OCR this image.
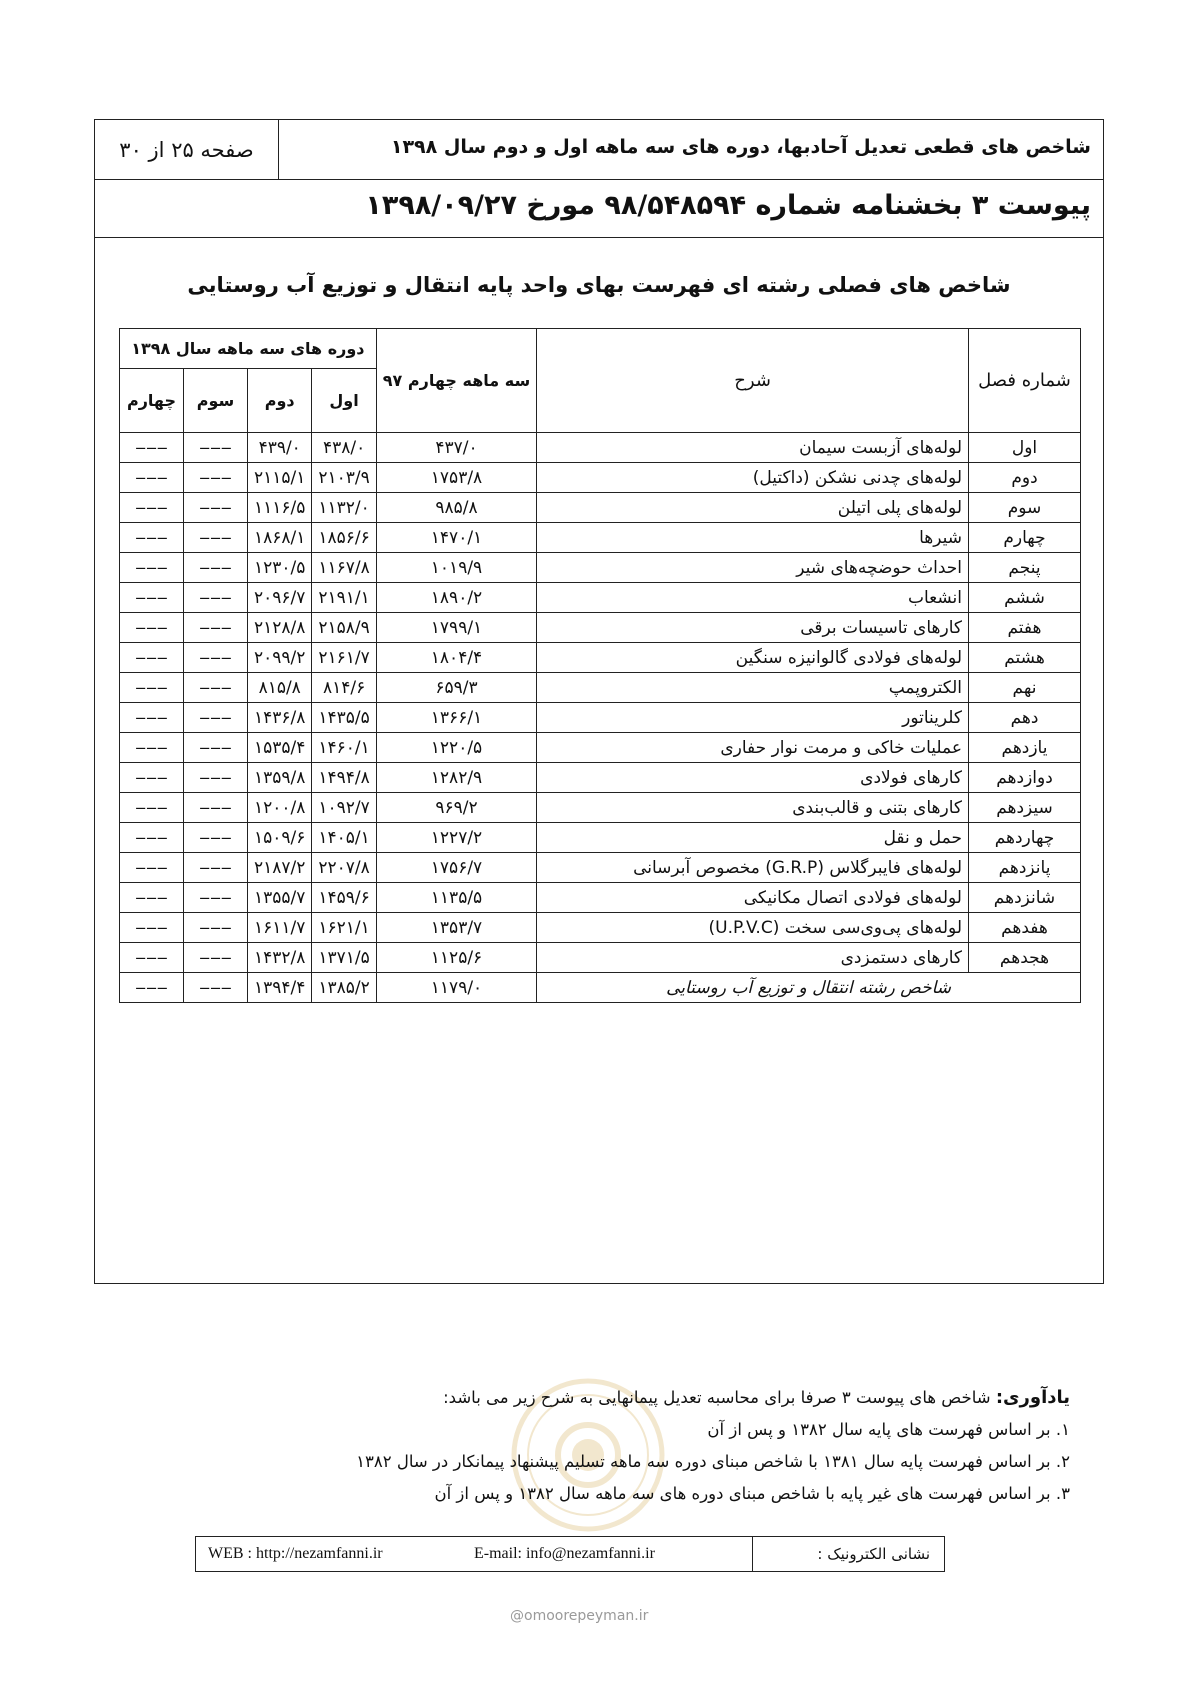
شاخص های قطعی تعدیل آحادبها، دوره های سه ماهه اول و دوم سال ۱۳۹۸
صفحه ۲۵ از ۳۰
پیوست ۳ بخشنامه شماره ۹۸/۵۴۸۵۹۴ مورخ ۱۳۹۸/۰۹/۲۷
شاخص های فصلی رشته ای فهرست بهای واحد پایه انتقال و توزیع آب روستایی
شماره فصل	شرح	سه ماهه چهارم ۹۷	دوره های سه ماهه سال ۱۳۹۸			
			اول	دوم	سوم	چهارم
اول	لوله‌های آزبست سیمان	۴۳۷/۰	۴۳۸/۰	۴۳۹/۰	‒‒‒	‒‒‒
دوم	لوله‌های چدنی نشکن (داکتیل)	۱۷۵۳/۸	۲۱۰۳/۹	۲۱۱۵/۱	‒‒‒	‒‒‒
سوم	لوله‌های پلی اتیلن	۹۸۵/۸	۱۱۳۲/۰	۱۱۱۶/۵	‒‒‒	‒‒‒
چهارم	شیرها	۱۴۷۰/۱	۱۸۵۶/۶	۱۸۶۸/۱	‒‒‒	‒‒‒
پنجم	احداث حوضچه‌های شیر	۱۰۱۹/۹	۱۱۶۷/۸	۱۲۳۰/۵	‒‒‒	‒‒‒
ششم	انشعاب	۱۸۹۰/۲	۲۱۹۱/۱	۲۰۹۶/۷	‒‒‒	‒‒‒
هفتم	کارهای تاسیسات برقی	۱۷۹۹/۱	۲۱۵۸/۹	۲۱۲۸/۸	‒‒‒	‒‒‒
هشتم	لوله‌های فولادی گالوانیزه سنگین	۱۸۰۴/۴	۲۱۶۱/۷	۲۰۹۹/۲	‒‒‒	‒‒‒
نهم	الکتروپمپ	۶۵۹/۳	۸۱۴/۶	۸۱۵/۸	‒‒‒	‒‒‒
دهم	کلریناتور	۱۳۶۶/۱	۱۴۳۵/۵	۱۴۳۶/۸	‒‒‒	‒‒‒
یازدهم	عملیات خاکی و مرمت نوار حفاری	۱۲۲۰/۵	۱۴۶۰/۱	۱۵۳۵/۴	‒‒‒	‒‒‒
دوازدهم	کارهای فولادی	۱۲۸۲/۹	۱۴۹۴/۸	۱۳۵۹/۸	‒‒‒	‒‒‒
سیزدهم	کارهای بتنی و قالب‌بندی	۹۶۹/۲	۱۰۹۲/۷	۱۲۰۰/۸	‒‒‒	‒‒‒
چهاردهم	حمل و نقل	۱۲۲۷/۲	۱۴۰۵/۱	۱۵۰۹/۶	‒‒‒	‒‒‒
پانزدهم	لوله‌های فایبرگلاس (G.R.P) مخصوص آبرسانی	۱۷۵۶/۷	۲۲۰۷/۸	۲۱۸۷/۲	‒‒‒	‒‒‒
شانزدهم	لوله‌های فولادی اتصال مکانیکی	۱۱۳۵/۵	۱۴۵۹/۶	۱۳۵۵/۷	‒‒‒	‒‒‒
هفدهم	لوله‌های پی‌وی‌سی سخت (U.P.V.C)	۱۳۵۳/۷	۱۶۲۱/۱	۱۶۱۱/۷	‒‒‒	‒‒‒
هجدهم	کارهای دستمزدی	۱۱۲۵/۶	۱۳۷۱/۵	۱۴۳۲/۸	‒‒‒	‒‒‒
شاخص رشته انتقال و توزیع آب روستایی		۱۱۷۹/۰	۱۳۸۵/۲	۱۳۹۴/۴	‒‒‒	‒‒‒
یادآوری: شاخص های پیوست ۳ صرفا برای محاسبه تعدیل پیمانهایی به شرح زیر می باشد:
۱. بر اساس فهرست های پایه سال ۱۳۸۲ و پس از آن
۲. بر اساس فهرست پایه سال ۱۳۸۱ با شاخص مبنای دوره سه ماهه تسلیم پیشنهاد پیمانکار در سال ۱۳۸۲
۳. بر اساس فهرست های غیر پایه با شاخص مبنای دوره های سه ماهه سال ۱۳۸۲ و پس از آن
نشانی الکترونیک :
E-mail: info@nezamfanni.ir
WEB : http://nezamfanni.ir
@omoorepeyman.ir
